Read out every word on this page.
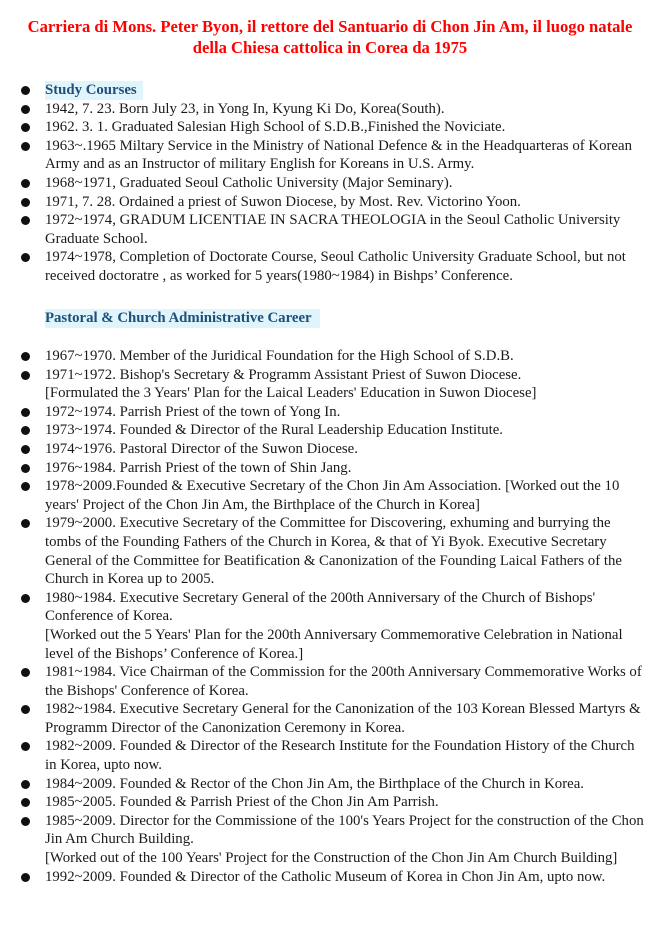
Carriera di Mons. Peter Byon, il rettore del Santuario di Chon Jin Am, il luogo natale della Chiesa cattolica in Corea da 1975
Study Courses
1942, 7. 23. Born July 23, in Yong In, Kyung Ki Do, Korea(South).
1962. 3. 1. Graduated Salesian High School of S.D.B.,Finished the Noviciate.
1963~.1965 Miltary Service in the Ministry of National Defence & in the Headquarteras of Korean Army and as an Instructor of military English for Koreans in U.S. Army.
1968~1971, Graduated Seoul Catholic University (Major Seminary).
1971, 7. 28. Ordained a priest of Suwon Diocese, by Most. Rev. Victorino Yoon.
1972~1974, GRADUM LICENTIAE IN SACRA THEOLOGIA in the Seoul Catholic University Graduate School.
1974~1978, Completion of Doctorate Course, Seoul Catholic University Graduate School, but not received doctoratre , as worked for 5 years(1980~1984) in Bishps’ Conference.
Pastoral & Church Administrative Career
1967~1970. Member of the Juridical Foundation for the High School of S.D.B.
1971~1972. Bishop's Secretary & Programm Assistant Priest of Suwon Diocese.
[Formulated the 3 Years' Plan for the Laical Leaders' Education in Suwon Diocese]
1972~1974. Parrish Priest of the town of Yong In.
1973~1974. Founded & Director of the Rural Leadership Education Institute.
1974~1976. Pastoral Director of the Suwon Diocese.
1976~1984. Parrish Priest of the town of Shin Jang.
1978~2009.Founded & Executive Secretary of the Chon Jin Am Association. [Worked out the 10 years' Project of the Chon Jin Am, the Birthplace of the Church in Korea]
1979~2000. Executive Secretary of the Committee for Discovering, exhuming and burrying the tombs of the Founding Fathers of the Church in Korea, & that of Yi Byok. Executive Secretary General of the Committee for Beatification & Canonization of the Founding Laical Fathers of the Church in Korea up to 2005.
1980~1984. Executive Secretary General of the 200th Anniversary of the Church of Bishops' Conference of Korea.
[Worked out the 5 Years' Plan for the 200th Anniversary Commemorative Celebration in National level of the Bishops’ Conference of Korea.]
1981~1984. Vice Chairman of the Commission for the 200th Anniversary Commemorative Works of the Bishops' Conference of Korea.
1982~1984. Executive Secretary General for the Canonization of the 103 Korean Blessed Martyrs & Programm Director of the Canonization Ceremony in Korea.
1982~2009. Founded & Director of the Research Institute for the Foundation History of the Church in Korea, upto now.
1984~2009. Founded & Rector of the Chon Jin Am, the Birthplace of the Church in Korea.
1985~2005. Founded & Parrish Priest of the Chon Jin Am Parrish.
1985~2009. Director for the Commissione of the 100's Years Project for the construction of the Chon Jin Am Church Building.
[Worked out of the 100 Years' Project for the Construction of the Chon Jin Am Church Building]
1992~2009. Founded & Director of the Catholic Museum of Korea in Chon Jin Am, upto now.
